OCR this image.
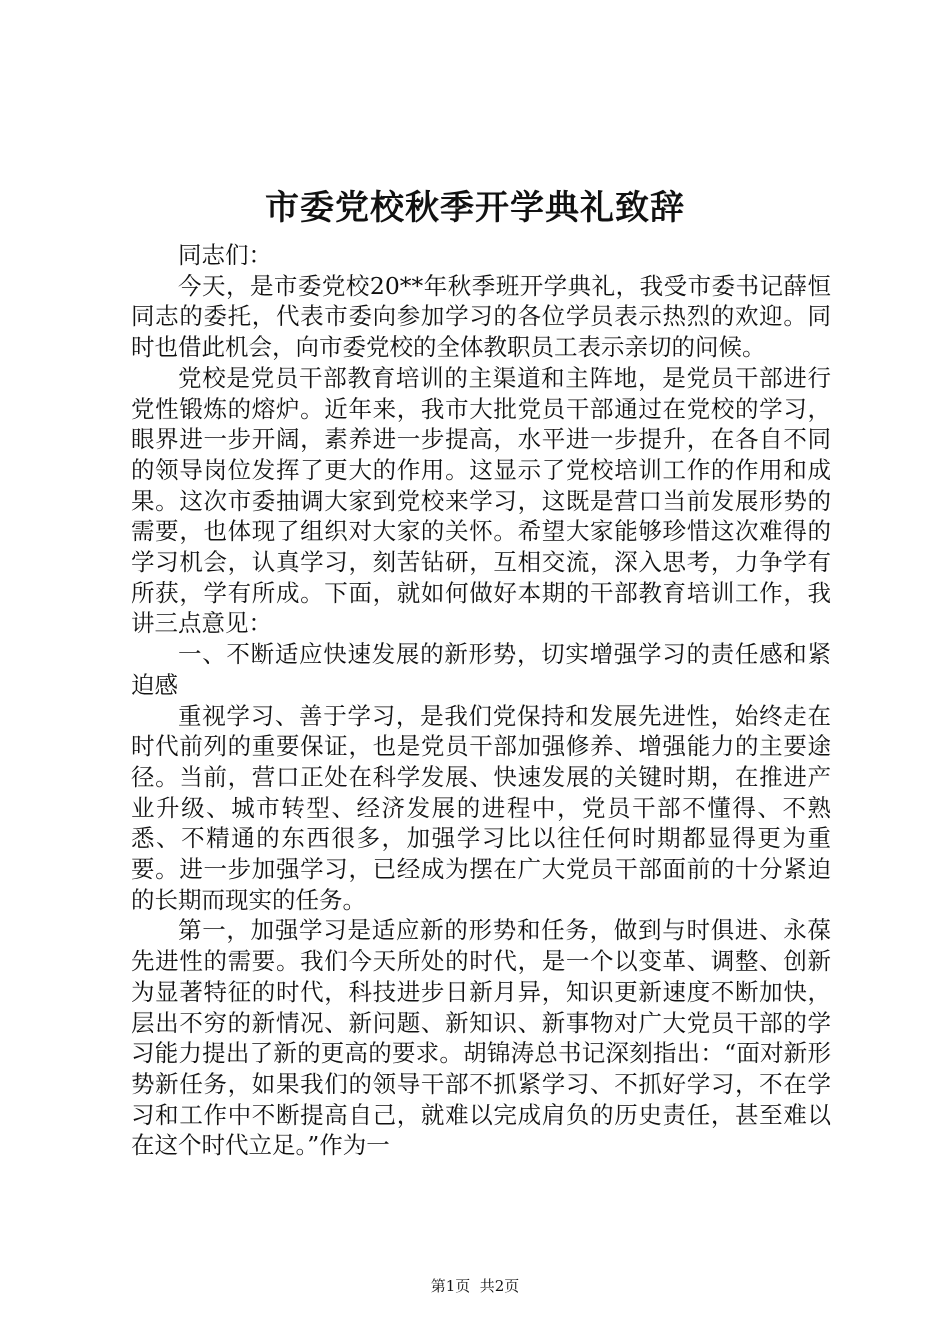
市委党校秋季开学典礼致辞

同志们：

今天，是市委党校20**年秋季班开学典礼，我受市委书记薛恒同志的委托，代表市委向参加学习的各位学员表示热烈的欢迎。同时也借此机会，向市委党校的全体教职员工表示亲切的问候。

党校是党员干部教育培训的主渠道和主阵地，是党员干部进行党性锻炼的熔炉。近年来，我市大批党员干部通过在党校的学习，眼界进一步开阔，素养进一步提高，水平进一步提升，在各自不同的领导岗位发挥了更大的作用。这显示了党校培训工作的作用和成果。这次市委抽调大家到党校来学习，这既是营口当前发展形势的需要，也体现了组织对大家的关怀。希望大家能够珍惜这次难得的学习机会，认真学习，刻苦钻研，互相交流，深入思考，力争学有所获，学有所成。下面，就如何做好本期的干部教育培训工作，我讲三点意见：

一、不断适应快速发展的新形势，切实增强学习的责任感和紧迫感

重视学习、善于学习，是我们党保持和发展先进性，始终走在时代前列的重要保证，也是党员干部加强修养、增强能力的主要途径。当前，营口正处在科学发展、快速发展的关键时期，在推进产业升级、城市转型、经济发展的进程中，党员干部不懂得、不熟悉、不精通的东西很多，加强学习比以往任何时期都显得更为重要。进一步加强学习，已经成为摆在广大党员干部面前的十分紧迫的长期而现实的任务。

第一，加强学习是适应新的形势和任务，做到与时俱进、永葆先进性的需要。我们今天所处的时代，是一个以变革、调整、创新为显著特征的时代，科技进步日新月异，知识更新速度不断加快，层出不穷的新情况、新问题、新知识、新事物对广大党员干部的学习能力提出了新的更高的要求。胡锦涛总书记深刻指出：“面对新形势新任务，如果我们的领导干部不抓紧学习、不抓好学习，不在学习和工作中不断提高自己，就难以完成肩负的历史责任，甚至难以在这个时代立足。”作为一

第1页  共2页
